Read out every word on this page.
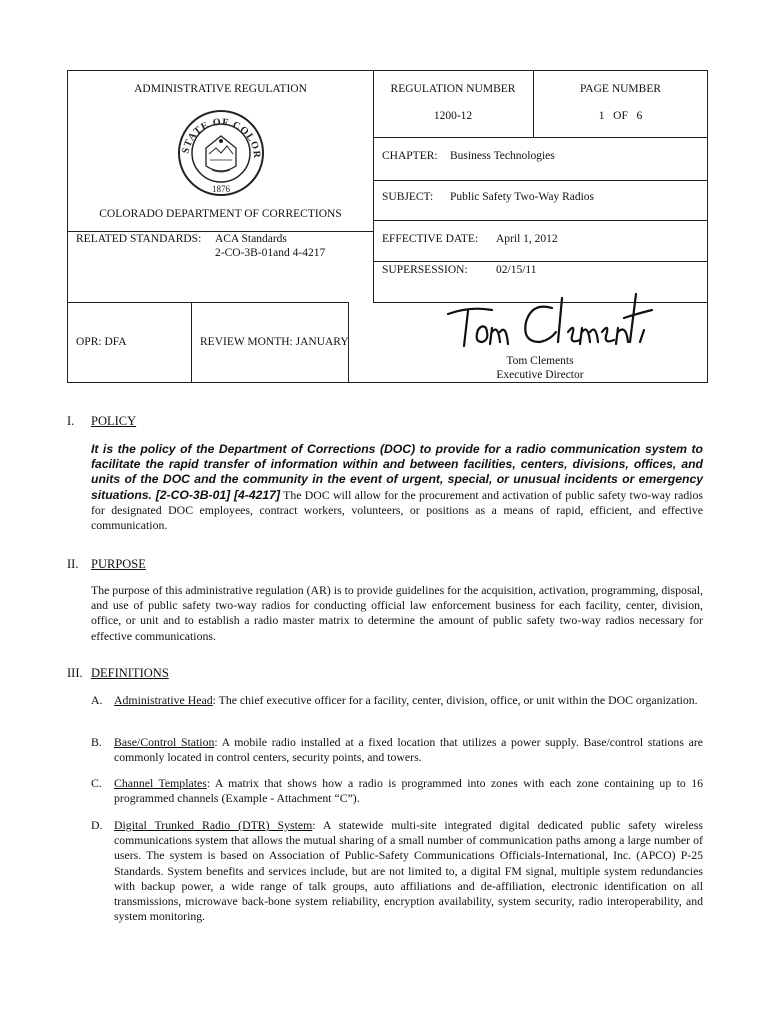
ADMINISTRATIVE REGULATION
STATE OF COLOR
1876
COLORADO DEPARTMENT OF CORRECTIONS
REGULATION NUMBER
1200-12
PAGE NUMBER
1   OF   6
CHAPTER: Business Technologies
SUBJECT: Public Safety Two-Way Radios
RELATED STANDARDS: ACA Standards
2-CO-3B-01and 4-4217
EFFECTIVE DATE: April 1, 2012
SUPERSESSION: 02/15/11
OPR: DFA	REVIEW MONTH: JANUARY
Tom Clements
Executive Director
I. POLICY
It is the policy of the Department of Corrections (DOC) to provide for a radio communication system to facilitate the rapid transfer of information within and between facilities, centers, divisions, offices, and units of the DOC and the community in the event of urgent, special, or unusual incidents or emergency situations. [2-CO-3B-01] [4-4217] The DOC will allow for the procurement and activation of public safety two-way radios for designated DOC employees, contract workers, volunteers, or positions as a means of rapid, efficient, and effective communication.
II. PURPOSE
The purpose of this administrative regulation (AR) is to provide guidelines for the acquisition, activation, programming, disposal, and use of public safety two-way radios for conducting official law enforcement business for each facility, center, division, office, or unit and to establish a radio master matrix to determine the amount of public safety two-way radios necessary for effective communications.
III. DEFINITIONS
A. Administrative Head: The chief executive officer for a facility, center, division, office, or unit within the DOC organization.
B. Base/Control Station: A mobile radio installed at a fixed location that utilizes a power supply. Base/control stations are commonly located in control centers, security points, and towers.
C. Channel Templates: A matrix that shows how a radio is programmed into zones with each zone containing up to 16 programmed channels (Example - Attachment “C”).
D. Digital Trunked Radio (DTR) System: A statewide multi-site integrated digital dedicated public safety wireless communications system that allows the mutual sharing of a small number of communication paths among a large number of users. The system is based on Association of Public-Safety Communications Officials-International, Inc. (APCO) P-25 Standards. System benefits and services include, but are not limited to, a digital FM signal, multiple system redundancies with backup power, a wide range of talk groups, auto affiliations and de-affiliation, electronic identification on all transmissions, microwave back-bone system reliability, encryption availability, system security, radio interoperability, and system monitoring.
